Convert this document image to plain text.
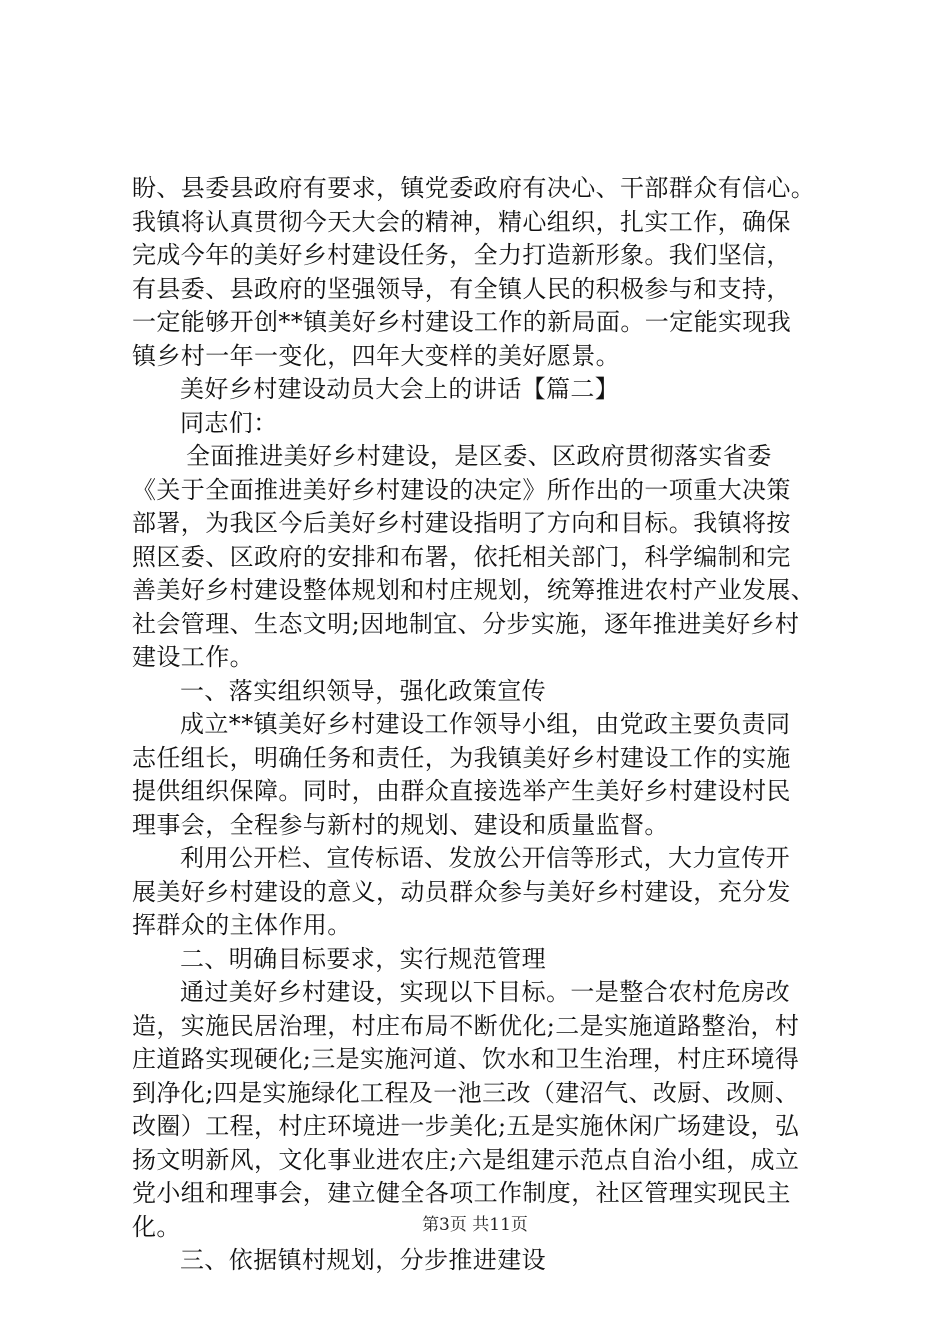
盼、县委县政府有要求，镇党委政府有决心、干部群众有信心。
我镇将认真贯彻今天大会的精神，精心组织，扎实工作，确保
完成今年的美好乡村建设任务，全力打造新形象。我们坚信，
有县委、县政府的坚强领导，有全镇人民的积极参与和支持，
一定能够开创**镇美好乡村建设工作的新局面。一定能实现我
镇乡村一年一变化，四年大变样的美好愿景。
美好乡村建设动员大会上的讲话【篇二】
同志们：
全面推进美好乡村建设，是区委、区政府贯彻落实省委
《关于全面推进美好乡村建设的决定》所作出的一项重大决策
部署，为我区今后美好乡村建设指明了方向和目标。我镇将按
照区委、区政府的安排和布署，依托相关部门，科学编制和完
善美好乡村建设整体规划和村庄规划，统筹推进农村产业发展、
社会管理、生态文明;因地制宜、分步实施，逐年推进美好乡村
建设工作。
一、落实组织领导，强化政策宣传
成立**镇美好乡村建设工作领导小组，由党政主要负责同
志任组长，明确任务和责任，为我镇美好乡村建设工作的实施
提供组织保障。同时，由群众直接选举产生美好乡村建设村民
理事会，全程参与新村的规划、建设和质量监督。
利用公开栏、宣传标语、发放公开信等形式，大力宣传开
展美好乡村建设的意义，动员群众参与美好乡村建设，充分发
挥群众的主体作用。
二、明确目标要求，实行规范管理
通过美好乡村建设，实现以下目标。一是整合农村危房改
造，实施民居治理，村庄布局不断优化;二是实施道路整治，村
庄道路实现硬化;三是实施河道、饮水和卫生治理，村庄环境得
到净化;四是实施绿化工程及一池三改（建沼气、改厨、改厕、
改圈）工程，村庄环境进一步美化;五是实施休闲广场建设，弘
扬文明新风，文化事业进农庄;六是组建示范点自治小组，成立
党小组和理事会，建立健全各项工作制度，社区管理实现民主
化。
三、依据镇村规划，分步推进建设
第3页 共11页
